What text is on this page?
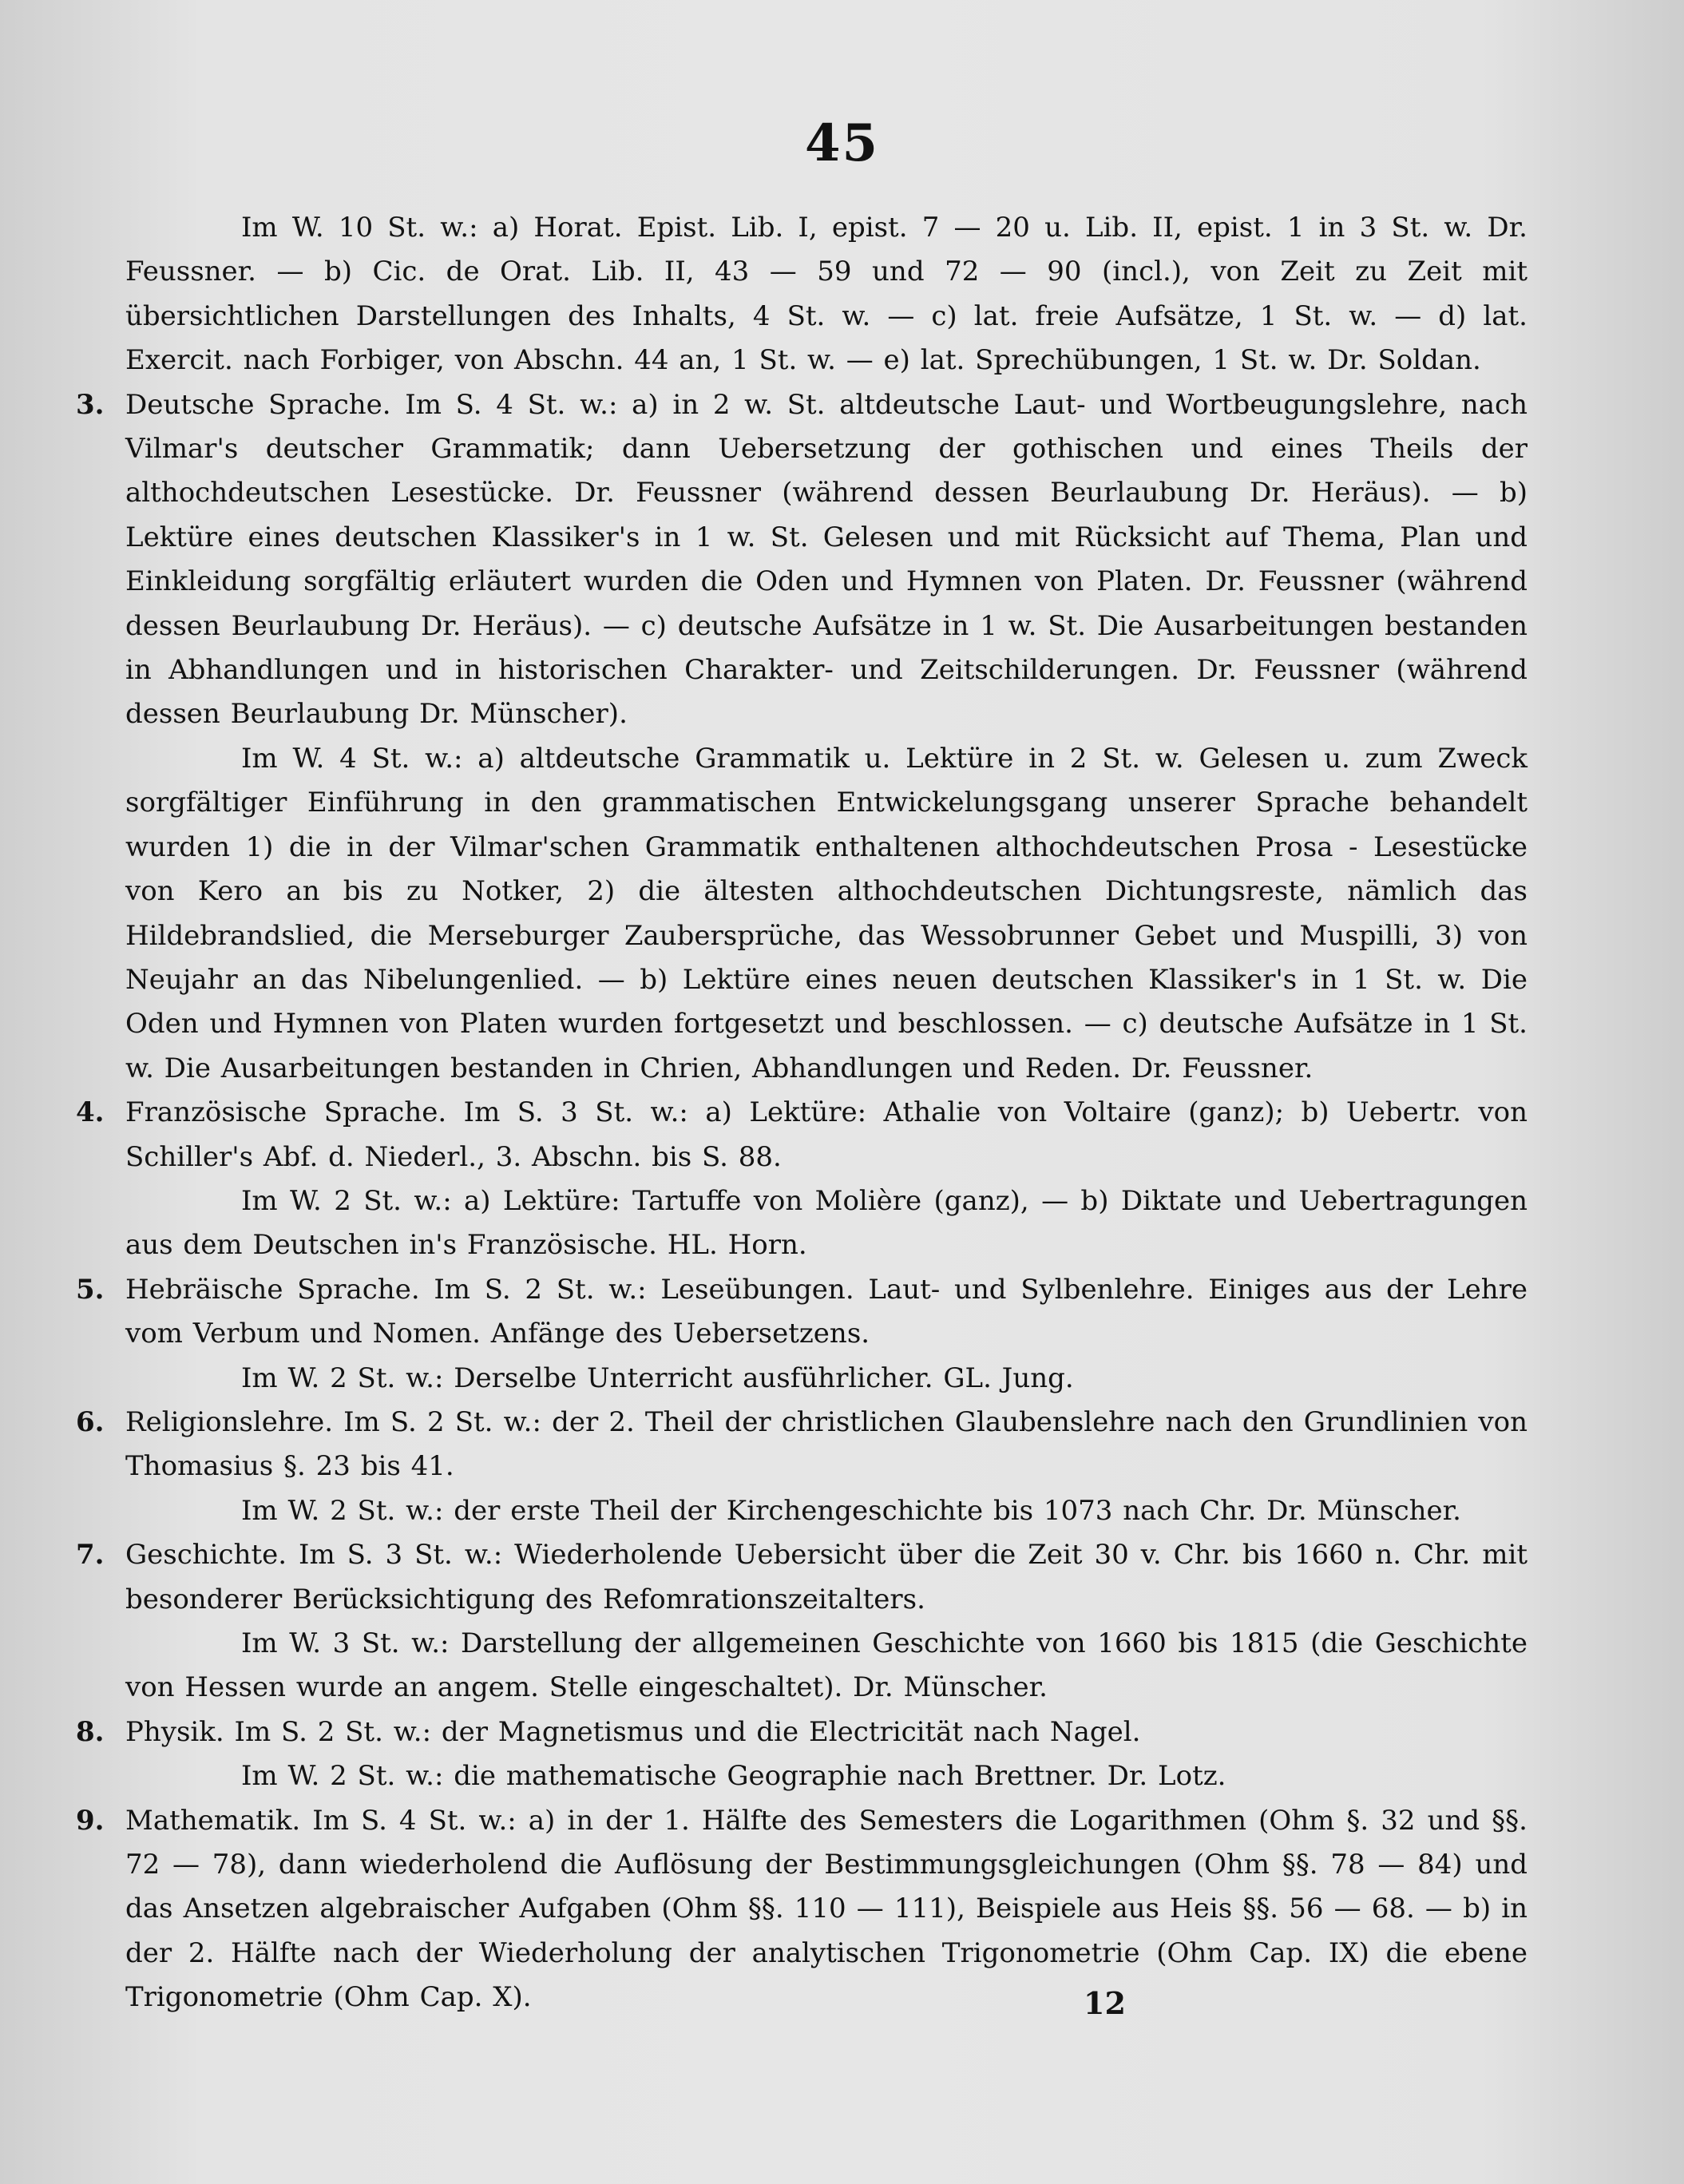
45

Im W. 10 St. w.: a) Horat. Epist. Lib. I, epist. 7 — 20 u. Lib. II, epist. 1 in 3 St. w. Dr. Feussner. — b) Cic. de Orat. Lib. II, 43 — 59 und 72 — 90 (incl.), von Zeit zu Zeit mit übersichtlichen Darstellungen des Inhalts, 4 St. w. — c) lat. freie Aufsätze, 1 St. w. — d) lat. Exercit. nach Forbiger, von Abschn. 44 an, 1 St. w. — e) lat. Sprechübungen, 1 St. w. Dr. Soldan.

3. Deutsche Sprache. Im S. 4 St. w.: a) in 2 w. St. altdeutsche Laut- und Wortbeugungslehre, nach Vilmar's deutscher Grammatik; dann Uebersetzung der gothischen und eines Theils der althochdeutschen Lesestücke. Dr. Feussner (während dessen Beurlaubung Dr. Heräus). — b) Lektüre eines deutschen Klassiker's in 1 w. St. Gelesen und mit Rücksicht auf Thema, Plan und Einkleidung sorgfältig erläutert wurden die Oden und Hymnen von Platen. Dr. Feussner (während dessen Beurlaubung Dr. Heräus). — c) deutsche Aufsätze in 1 w. St. Die Ausarbeitungen bestanden in Abhandlungen und in historischen Charakter- und Zeitschilderungen. Dr. Feussner (während dessen Beurlaubung Dr. Münscher).

Im W. 4 St. w.: a) altdeutsche Grammatik u. Lektüre in 2 St. w. Gelesen u. zum Zweck sorgfältiger Einführung in den grammatischen Entwickelungsgang unserer Sprache behandelt wurden 1) die in der Vilmar'schen Grammatik enthaltenen althochdeutschen Prosa - Lesestücke von Kero an bis zu Notker, 2) die ältesten althochdeutschen Dichtungsreste, nämlich das Hildebrandslied, die Merseburger Zaubersprüche, das Wessobrunner Gebet und Muspilli, 3) von Neujahr an das Nibelungenlied. — b) Lektüre eines neuen deutschen Klassiker's in 1 St. w. Die Oden und Hymnen von Platen wurden fortgesetzt und beschlossen. — c) deutsche Aufsätze in 1 St. w. Die Ausarbeitungen bestanden in Chrien, Abhandlungen und Reden. Dr. Feussner.

4. Französische Sprache. Im S. 3 St. w.: a) Lektüre: Athalie von Voltaire (ganz); b) Uebertr. von Schiller's Abf. d. Niederl., 3. Abschn. bis S. 88.

Im W. 2 St. w.: a) Lektüre: Tartuffe von Molière (ganz), — b) Diktate und Uebertragungen aus dem Deutschen in's Französische. HL. Horn.

5. Hebräische Sprache. Im S. 2 St. w.: Leseübungen. Laut- und Sylbenlehre. Einiges aus der Lehre vom Verbum und Nomen. Anfänge des Uebersetzens.

Im W. 2 St. w.: Derselbe Unterricht ausführlicher. GL. Jung.

6. Religionslehre. Im S. 2 St. w.: der 2. Theil der christlichen Glaubenslehre nach den Grundlinien von Thomasius §. 23 bis 41.

Im W. 2 St. w.: der erste Theil der Kirchengeschichte bis 1073 nach Chr. Dr. Münscher.

7. Geschichte. Im S. 3 St. w.: Wiederholende Uebersicht über die Zeit 30 v. Chr. bis 1660 n. Chr. mit besonderer Berücksichtigung des Refomrationszeitalters.

Im W. 3 St. w.: Darstellung der allgemeinen Geschichte von 1660 bis 1815 (die Geschichte von Hessen wurde an angem. Stelle eingeschaltet). Dr. Münscher.

8. Physik. Im S. 2 St. w.: der Magnetismus und die Electricität nach Nagel.

Im W. 2 St. w.: die mathematische Geographie nach Brettner. Dr. Lotz.

9. Mathematik. Im S. 4 St. w.: a) in der 1. Hälfte des Semesters die Logarithmen (Ohm §. 32 und §§. 72 — 78), dann wiederholend die Auflösung der Bestimmungsgleichungen (Ohm §§. 78 — 84) und das Ansetzen algebraischer Aufgaben (Ohm §§. 110 — 111), Beispiele aus Heis §§. 56 — 68. — b) in der 2. Hälfte nach der Wiederholung der analytischen Trigonometrie (Ohm Cap. IX) die ebene Trigonometrie (Ohm Cap. X).	12
